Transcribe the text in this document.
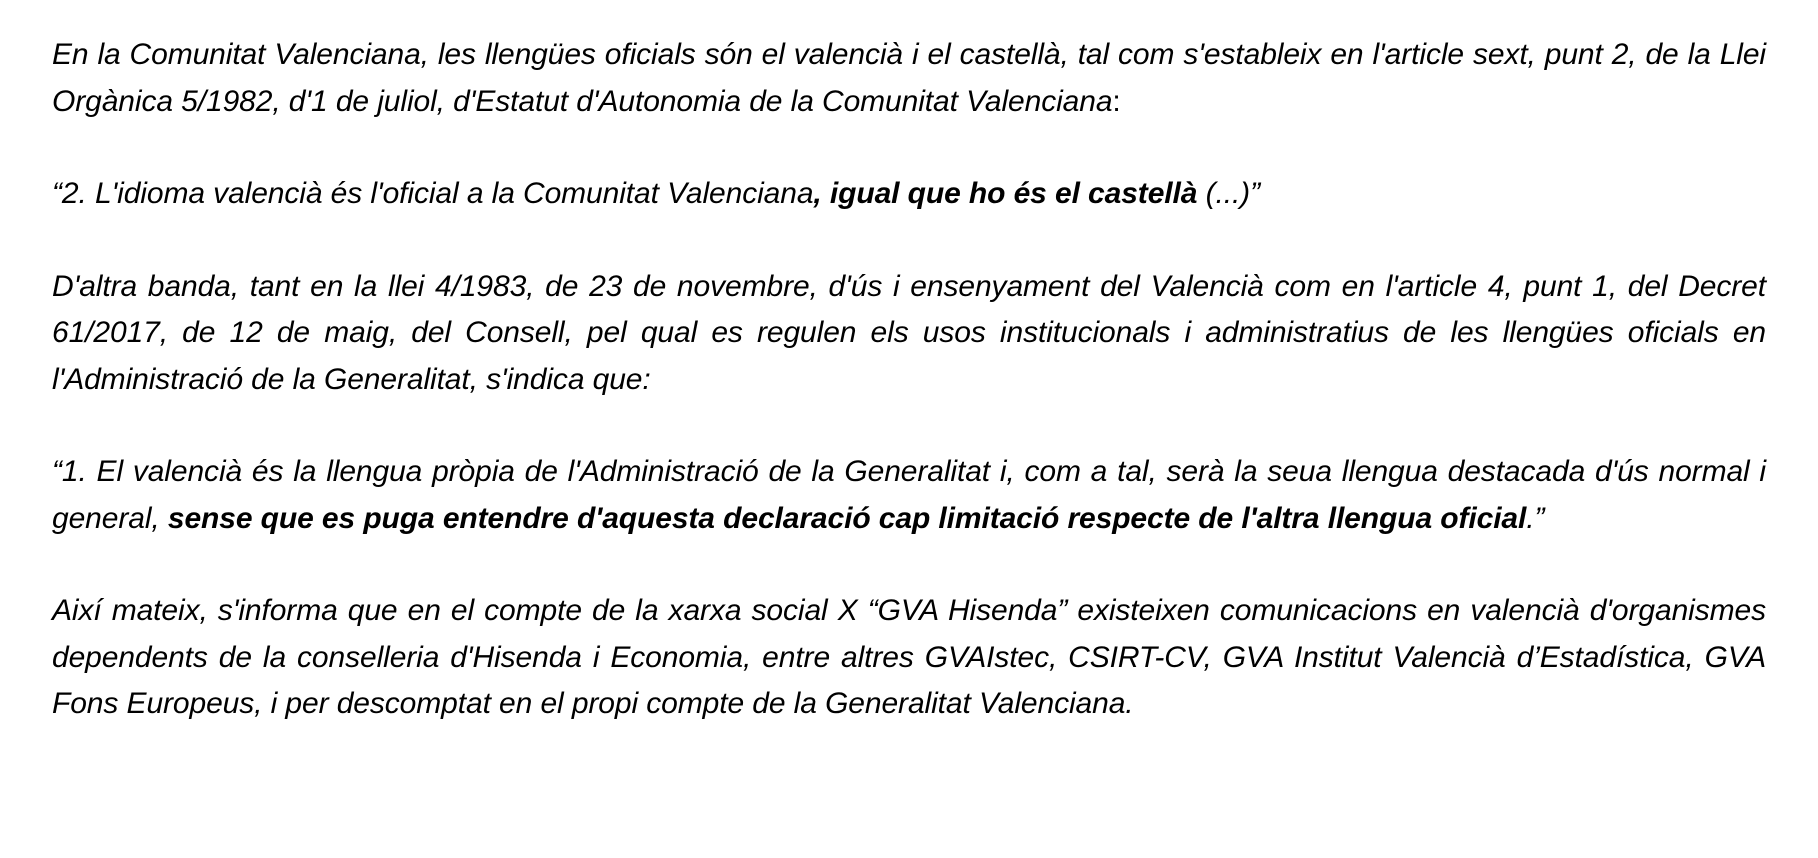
En la Comunitat Valenciana, les llengües oficials són el valencià i el castellà, tal com s'estableix en l'article sext, punt 2, de la Llei Orgànica 5/1982, d'1 de juliol, d'Estatut d'Autonomia de la Comunitat Valenciana:

“2. L'idioma valencià és l'oficial a la Comunitat Valenciana, igual que ho és el castellà (...)”

D'altra banda, tant en la llei 4/1983, de 23 de novembre, d'ús i ensenyament del Valencià com en l'article 4, punt 1, del Decret 61/2017, de 12 de maig, del Consell, pel qual es regulen els usos institucionals i administratius de les llengües oficials en l'Administració de la Generalitat, s'indica que:

“1. El valencià és la llengua pròpia de l'Administració de la Generalitat i, com a tal, serà la seua llengua destacada d'ús normal i general, sense que es puga entendre d'aquesta declaració cap limitació respecte de l'altra llengua oficial.”

Així mateix, s'informa que en el compte de la xarxa social X “GVA Hisenda” existeixen comunicacions en valencià d'organismes dependents de la conselleria d'Hisenda i Economia, entre altres GVAIstec, CSIRT-CV, GVA Institut Valencià d’Estadística, GVA Fons Europeus, i per descomptat en el propi compte de la Generalitat Valenciana.
